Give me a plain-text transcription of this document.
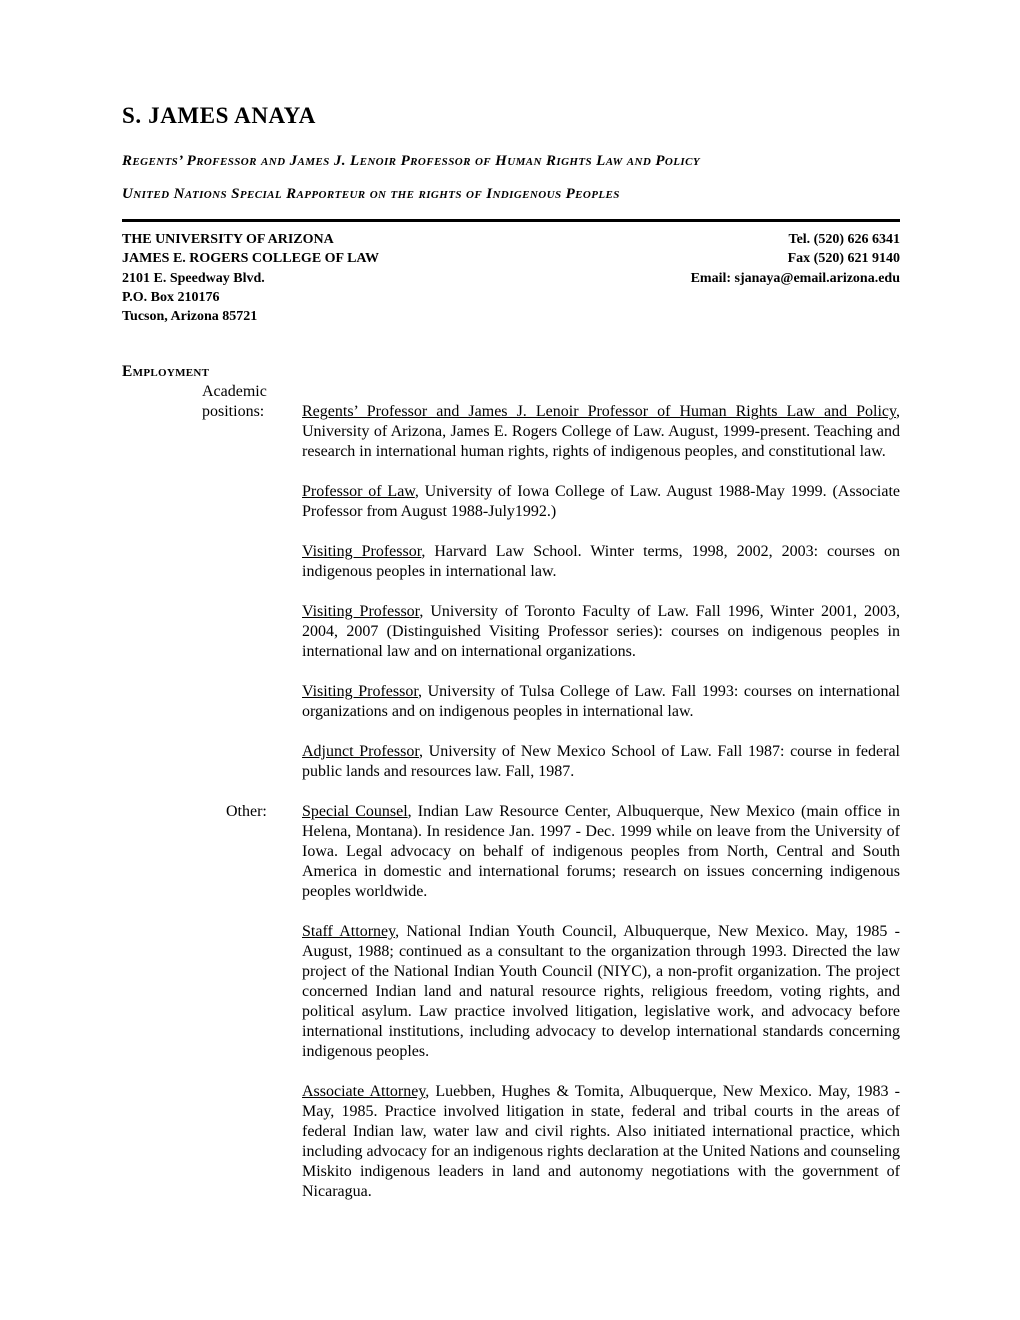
S. JAMES ANAYA
Regents’ Professor and James J. Lenoir Professor of Human Rights Law and Policy
United Nations Special Rapporteur on the rights of Indigenous Peoples
THE UNIVERSITY OF ARIZONA
JAMES E. ROGERS COLLEGE OF LAW
2101 E. Speedway Blvd.
P.O. Box 210176
Tucson, Arizona 85721
Tel. (520) 626 6341
Fax (520) 621 9140
Email: sjanaya@email.arizona.edu
Employment
Academic
positions: Regents’ Professor and James J. Lenoir Professor of Human Rights Law and Policy, University of Arizona, James E. Rogers College of Law. August, 1999-present. Teaching and research in international human rights, rights of indigenous peoples, and constitutional law.

Professor of Law, University of Iowa College of Law. August 1988-May 1999. (Associate Professor from August 1988-July1992.)

Visiting Professor, Harvard Law School. Winter terms, 1998, 2002, 2003: courses on indigenous peoples in international law.

Visiting Professor, University of Toronto Faculty of Law. Fall 1996, Winter 2001, 2003, 2004, 2007 (Distinguished Visiting Professor series): courses on indigenous peoples in international law and on international organizations.

Visiting Professor, University of Tulsa College of Law. Fall 1993: courses on international organizations and on indigenous peoples in international law.

Adjunct Professor, University of New Mexico School of Law. Fall 1987: course in federal public lands and resources law. Fall, 1987.

Other: Special Counsel, Indian Law Resource Center, Albuquerque, New Mexico (main office in Helena, Montana). In residence Jan. 1997 - Dec. 1999 while on leave from the University of Iowa. Legal advocacy on behalf of indigenous peoples from North, Central and South America in domestic and international forums; research on issues concerning indigenous peoples worldwide.

Staff Attorney, National Indian Youth Council, Albuquerque, New Mexico. May, 1985 - August, 1988; continued as a consultant to the organization through 1993. Directed the law project of the National Indian Youth Council (NIYC), a non-profit organization. The project concerned Indian land and natural resource rights, religious freedom, voting rights, and political asylum. Law practice involved litigation, legislative work, and advocacy before international institutions, including advocacy to develop international standards concerning indigenous peoples.

Associate Attorney, Luebben, Hughes & Tomita, Albuquerque, New Mexico. May, 1983 - May, 1985. Practice involved litigation in state, federal and tribal courts in the areas of federal Indian law, water law and civil rights. Also initiated international practice, which including advocacy for an indigenous rights declaration at the United Nations and counseling Miskito indigenous leaders in land and autonomy negotiations with the government of Nicaragua.
